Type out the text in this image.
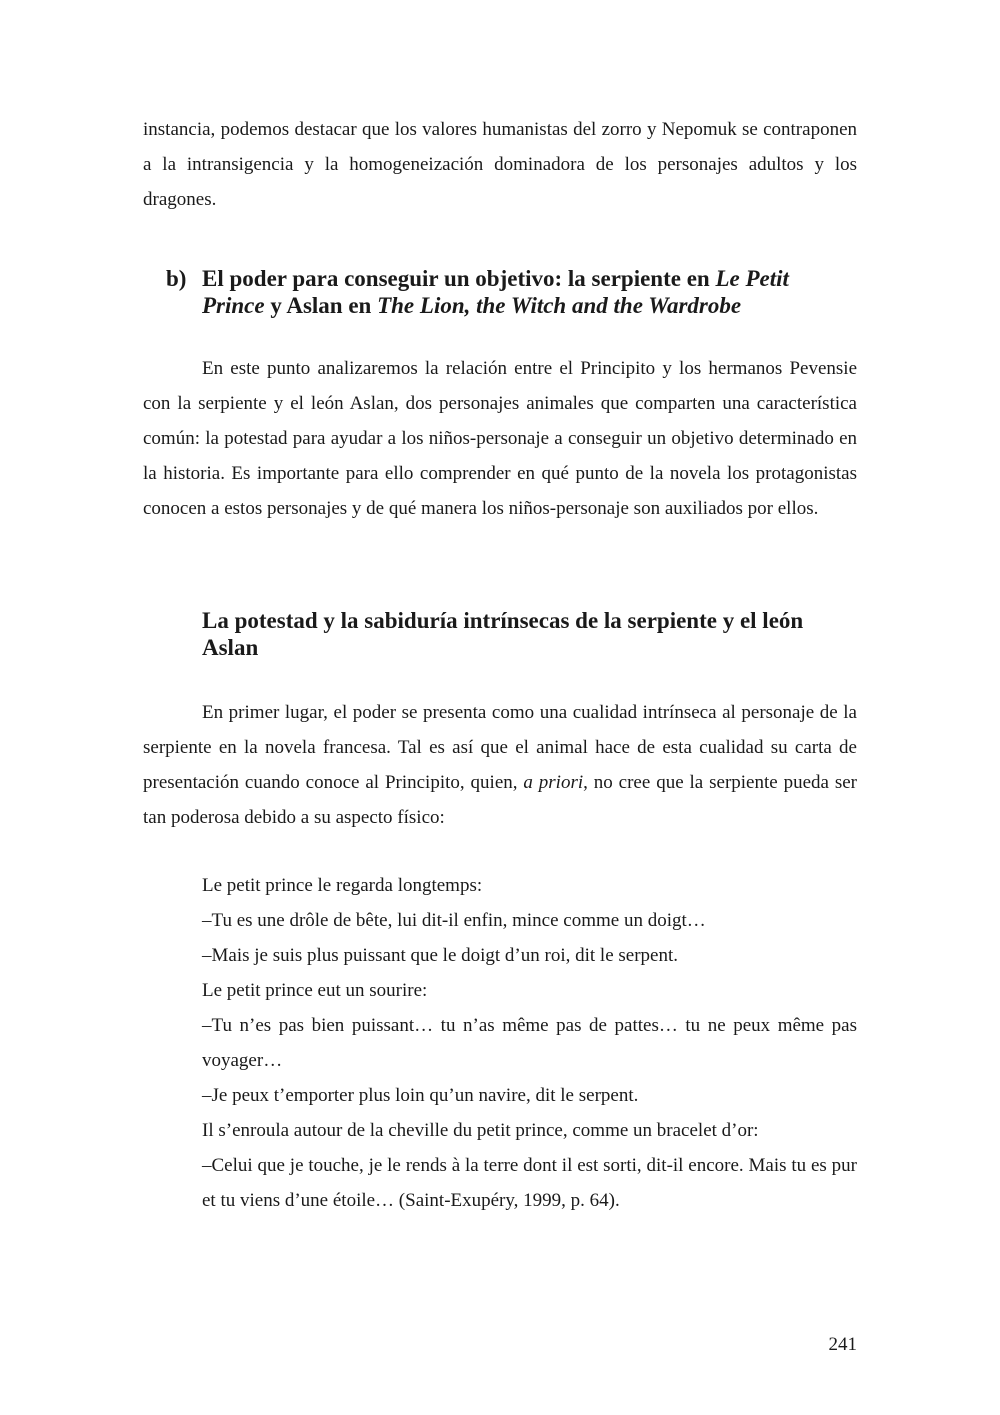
instancia, podemos destacar que los valores humanistas del zorro y Nepomuk se contraponen a la intransigencia y la homogeneización dominadora de los personajes adultos y los dragones.

b) El poder para conseguir un objetivo: la serpiente en Le Petit Prince y Aslan en The Lion, the Witch and the Wardrobe

En este punto analizaremos la relación entre el Principito y los hermanos Pevensie con la serpiente y el león Aslan, dos personajes animales que comparten una característica común: la potestad para ayudar a los niños-personaje a conseguir un objetivo determinado en la historia. Es importante para ello comprender en qué punto de la novela los protagonistas conocen a estos personajes y de qué manera los niños-personaje son auxiliados por ellos.

La potestad y la sabiduría intrínsecas de la serpiente y el león Aslan

En primer lugar, el poder se presenta como una cualidad intrínseca al personaje de la serpiente en la novela francesa. Tal es así que el animal hace de esta cualidad su carta de presentación cuando conoce al Principito, quien, a priori, no cree que la serpiente pueda ser tan poderosa debido a su aspecto físico:

Le petit prince le regarda longtemps:
–Tu es une drôle de bête, lui dit-il enfin, mince comme un doigt…
–Mais je suis plus puissant que le doigt d’un roi, dit le serpent.
Le petit prince eut un sourire:
–Tu n’es pas bien puissant… tu n’as même pas de pattes… tu ne peux même pas voyager…
–Je peux t’emporter plus loin qu’un navire, dit le serpent.
Il s’enroula autour de la cheville du petit prince, comme un bracelet d’or:
–Celui que je touche, je le rends à la terre dont il est sorti, dit-il encore. Mais tu es pur et tu viens d’une étoile… (Saint-Exupéry, 1999, p. 64).
241
